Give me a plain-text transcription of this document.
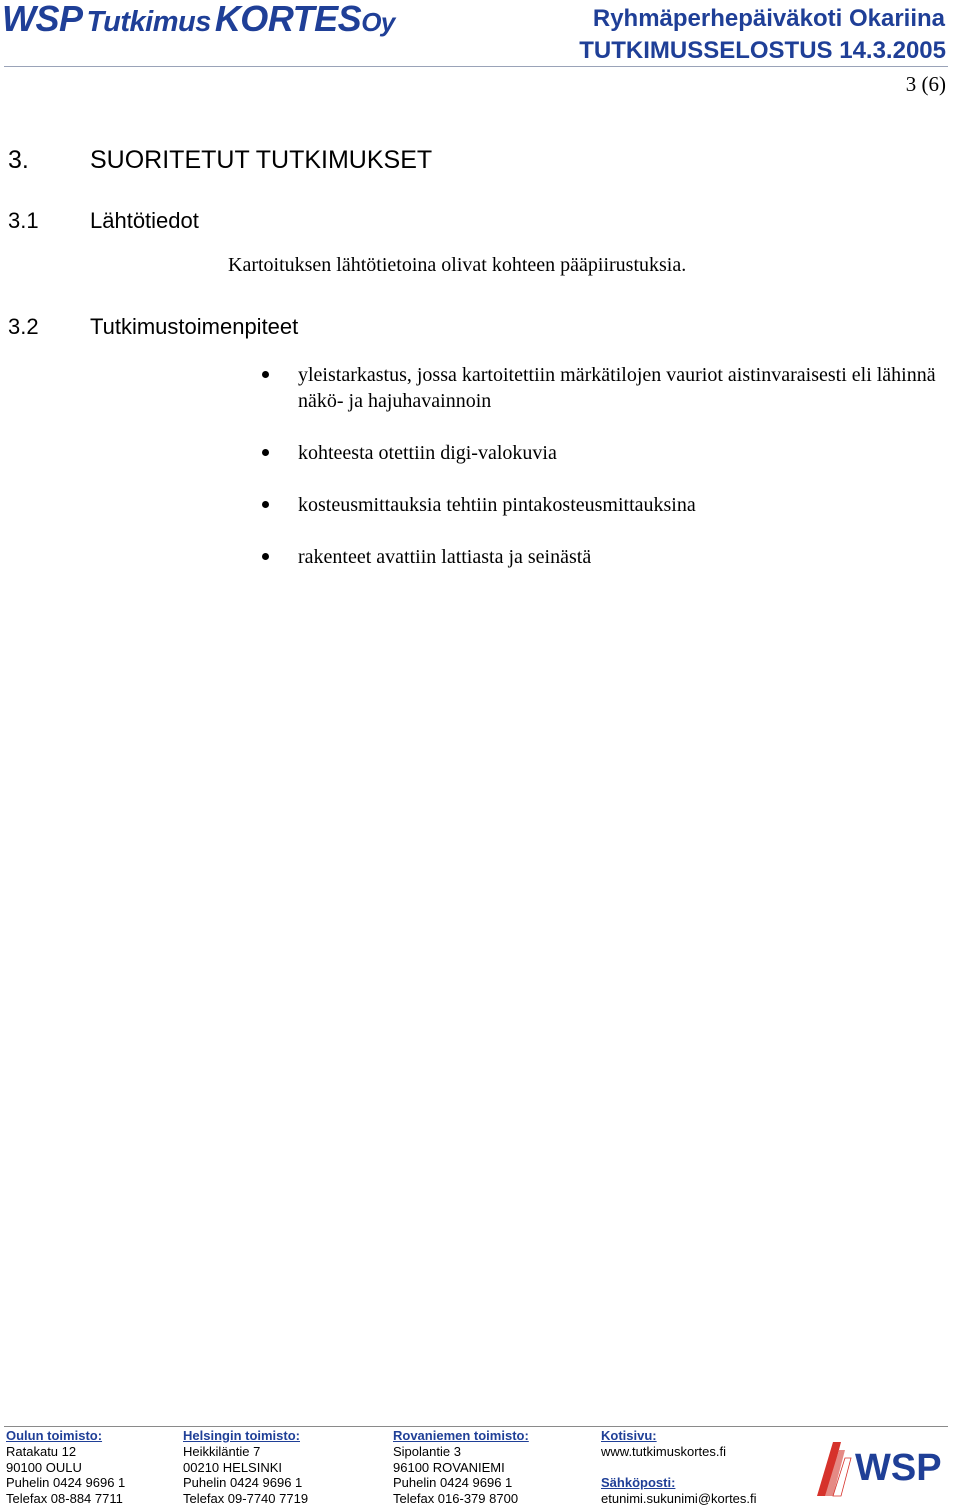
WSP Tutkimus KORTESOy	Ryhmäperhepäiväkoti Okariina
TUTKIMUSSELOSTUS 14.3.2005
3 (6)
3. SUORITETUT TUTKIMUKSET
3.1 Lähtötiedot
Kartoituksen lähtötietoina olivat kohteen pääpiirustuksia.
3.2 Tutkimustoimenpiteet
yleistarkastus, jossa kartoitettiin märkätilojen vauriot aistinvaraisesti eli lähinnä näkö- ja hajuhavainnoin
kohteesta otettiin digi-valokuvia
kosteusmittauksia tehtiin pintakosteusmittauksina
rakenteet avattiin lattiasta ja seinästä
Oulun toimisto:
Ratakatu 12
90100 OULU
Puhelin 0424 9696 1
Telefax 08-884 7711
Helsingin toimisto:
Heikkiläntie 7
00210 HELSINKI
Puhelin 0424 9696 1
Telefax 09-7740 7719
Rovaniemen toimisto:
Sipolantie 3
96100 ROVANIEMI
Puhelin 0424 9696 1
Telefax 016-379 8700
Kotisivu:
www.tutkimuskortes.fi

Sähköposti:
etunimi.sukunimi@kortes.fi
WSP
